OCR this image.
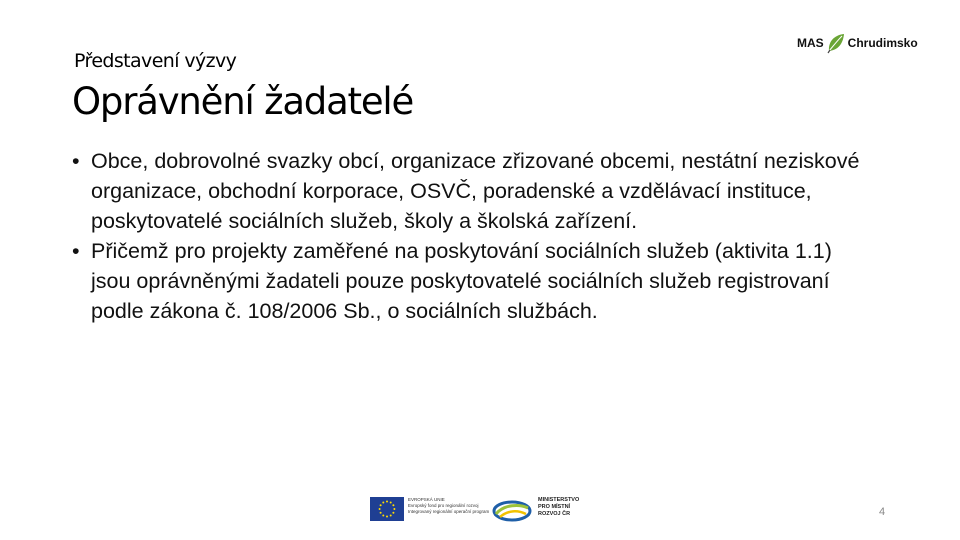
Představení výzvy
Oprávnění žadatelé
MAS Chrudimsko

• Obce, dobrovolné svazky obcí, organizace zřizované obcemi, nestátní neziskové organizace, obchodní korporace, OSVČ, poradenské a vzdělávací instituce, poskytovatelé sociálních služeb, školy a školská zařízení.

• Přičemž pro projekty zaměřené na poskytování sociálních služeb (aktivita 1.1) jsou oprávněnými žadateli pouze poskytovatelé sociálních služeb registrovaní podle zákona č. 108/2006 Sb., o sociálních službách.

EVROPSKÁ UNIE
Evropský fond pro regionální rozvoj
Integrovaný regionální operační program
MINISTERSTVO
PRO MÍSTNÍ
ROZVOJ ČR	4
